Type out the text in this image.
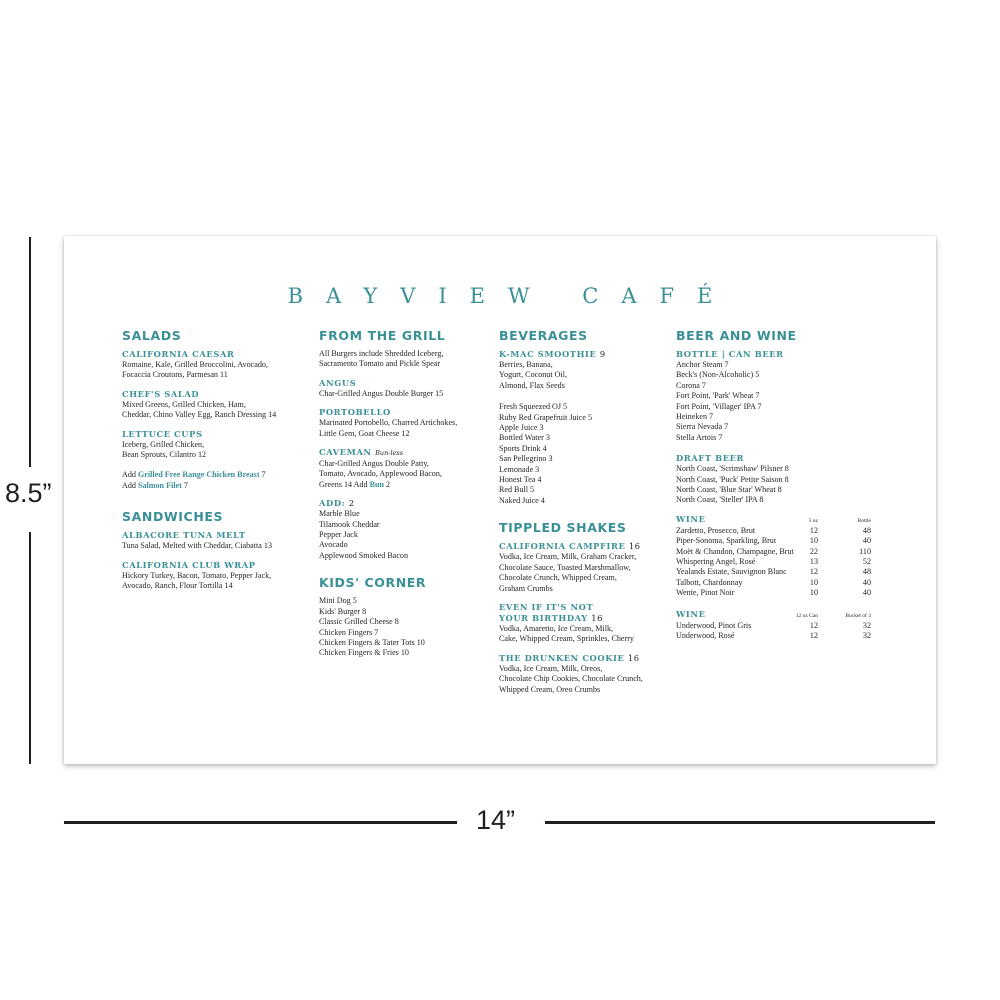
8.5”
14”
BAYVIEW CAFÉ
SALADS
CALIFORNIA CAESAR
Romaine, Kale, Grilled Broccolini, Avocado,
Focaccia Croutons, Parmesan 11
CHEF'S SALAD
Mixed Greens, Grilled Chicken, Ham,
Cheddar, Chino Valley Egg, Ranch Dressing 14
LETTUCE CUPS
Iceberg, Grilled Chicken,
Bean Sprouts, Cilantro 12
Add Grilled Free Range Chicken Breast 7
Add Salmon Filet 7
SANDWICHES
ALBACORE TUNA MELT
Tuna Salad, Melted with Cheddar, Ciabatta 13
CALIFORNIA CLUB WRAP
Hickory Turkey, Bacon, Tomato, Pepper Jack,
Avocado, Ranch, Flour Tortilla 14
FROM THE GRILL
All Burgers include Shredded Iceberg,
Sacramento Tomato and Pickle Spear
ANGUS
Char-Grilled Angus Double Burger 15
PORTOBELLO
Marinated Portobello, Charred Artichokes,
Little Gem, Goat Cheese 12
CAVEMAN Bun-less
Char-Grilled Angus Double Patty,
Tomato, Avocado, Applewood Bacon,
Greens 14 Add Bun 2
ADD: 2
Marble Blue
Tilamook Cheddar
Pepper Jack
Avocado
Applewood Smoked Bacon
KIDS' CORNER
Mini Dog 5
Kids' Burger 8
Classic Grilled Cheese 8
Chicken Fingers 7
Chicken Fingers & Tater Tots 10
Chicken Fingers & Fries 10
BEVERAGES
K-MAC SMOOTHIE 9
Berries, Banana,
Yogurt, Coconut Oil,
Almond, Flax Seeds
Fresh Squeezed OJ 5
Ruby Red Grapefruit Juice 5
Apple Juice 3
Bottled Water 3
Sports Drink 4
San Pellegrino 3
Lemonade 3
Honest Tea 4
Red Bull 5
Naked Juice 4
TIPPLED SHAKES
CALIFORNIA CAMPFIRE 16
Vodka, Ice Cream, Milk, Graham Cracker,
Chocolate Sauce, Toasted Marshmallow,
Chocolate Crunch, Whipped Cream,
Graham Crumbs
EVEN IF IT'S NOT
YOUR BIRTHDAY 16
Vodka, Amaretto, Ice Cream, Milk,
Cake, Whipped Cream, Sprinkles, Cherry
THE DRUNKEN COOKIE 16
Vodka, Ice Cream, Milk, Oreos,
Chocolate Chip Cookies, Chocolate Crunch,
Whipped Cream, Oreo Crumbs
BEER AND WINE
BOTTLE | CAN BEER
Anchor Steam 7
Beck's (Non-Alcoholic) 5
Corona 7
Fort Point, 'Park' Wheat 7
Fort Point, 'Villager' IPA 7
Heineken 7
Sierra Nevada 7
Stella Artois 7
DRAFT BEER
North Coast, 'Scrimshaw' Pilsner 8
North Coast, 'Puck' Petite Saison 8
North Coast, 'Blue Star' Wheat 8
North Coast, 'Steller' IPA 8
WINE	5 oz	Bottle
Zardetto, Prosecco, Brut	12	48
Piper-Sonoma, Sparkling, Brut	10	40
Moët & Chandon, Champagne, Brut	22	110
Whispering Angel, Rosé	13	52
Yealands Estate, Sauvignon Blanc	12	48
Talbott, Chardonnay	10	40
Wente, Pinot Noir	10	40
WINE	12 oz Can	Bucket of 3
Underwood, Pinot Gris	12	32
Underwood, Rosé	12	32
